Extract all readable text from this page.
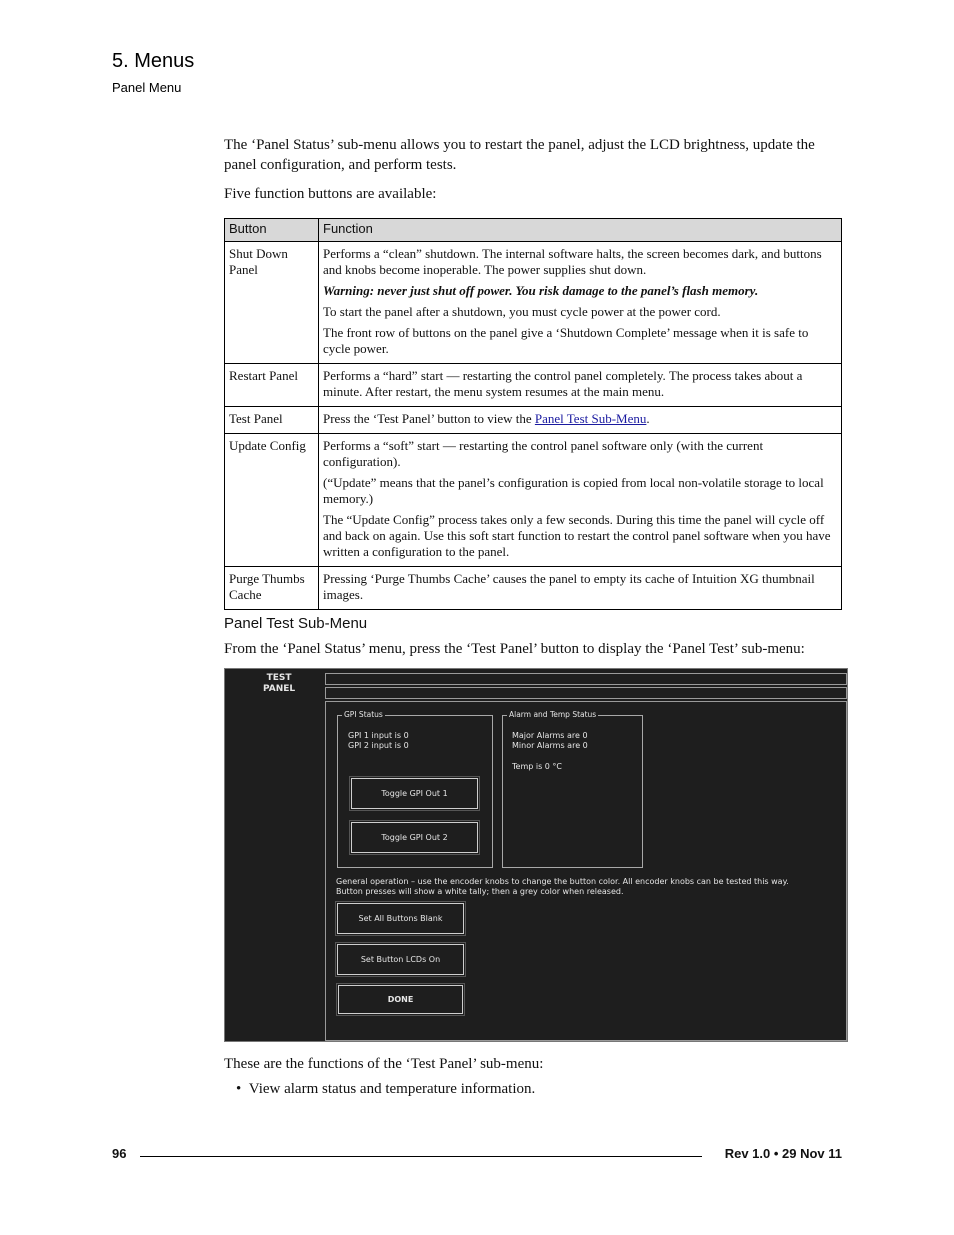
5. Menus
Panel Menu
The ‘Panel Status’ sub-menu allows you to restart the panel, adjust the LCD brightness, update the panel configuration, and perform tests.
Five function buttons are available:
Button	Function
Shut Down Panel	Performs a “clean” shutdown. The internal software halts, the screen becomes dark, and buttons and knobs become inoperable. The power supplies shut down.

Warning: never just shut off power. You risk damage to the panel’s flash memory.

To start the panel after a shutdown, you must cycle power at the power cord.

The front row of buttons on the panel give a ‘Shutdown Complete’ message when it is safe to cycle power.

Restart Panel	Performs a “hard” start — restarting the control panel completely. The process takes about a minute. After restart, the menu system resumes at the main menu.

Test Panel	Press the ‘Test Panel’ button to view the Panel Test Sub-Menu.

Update Config	Performs a “soft” start — restarting the control panel software only (with the current configuration).

(“Update” means that the panel’s configuration is copied from local non-volatile storage to local memory.)

The “Update Config” process takes only a few seconds. During this time the panel will cycle off and back on again. Use this soft start function to restart the control panel software when you have written a configuration to the panel.

Purge Thumbs Cache	Pressing ‘Purge Thumbs Cache’ causes the panel to empty its cache of Intuition XG thumbnail images.

Panel Test Sub-Menu
From the ‘Panel Status’ menu, press the ‘Test Panel’ button to display the ‘Panel Test’ sub-menu:
TEST
PANEL
GPI Status
GPI 1 input is 0
GPI 2 input is 0
Toggle GPI Out 1
Toggle GPI Out 2
Alarm and Temp Status
Major Alarms are 0
Minor Alarms are 0
Temp is 0 °C
General operation – use the encoder knobs to change the button color. All encoder knobs can be tested this way.
Button presses will show a white tally; then a grey color when released.
Set All Buttons Blank
Set Button LCDs On
DONE
These are the functions of the ‘Test Panel’ sub-menu:
•  View alarm status and temperature information.
96	Rev 1.0 • 29 Nov 11
